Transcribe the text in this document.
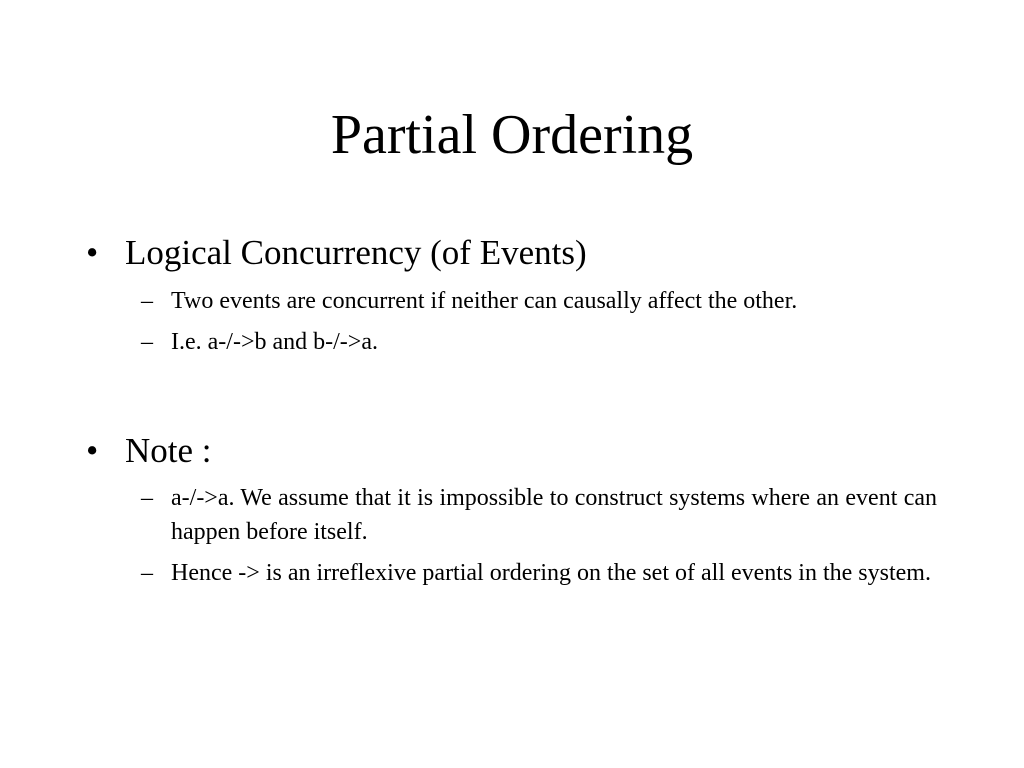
Partial Ordering
• Logical Concurrency (of Events)
– Two events are concurrent if neither can causally affect the other.
– I.e. a-/->b and b-/->a.
• Note :
– a-/->a. We assume that it is impossible to construct systems where an event can happen before itself.
– Hence -> is an irreflexive partial ordering on the set of all events in the system.
